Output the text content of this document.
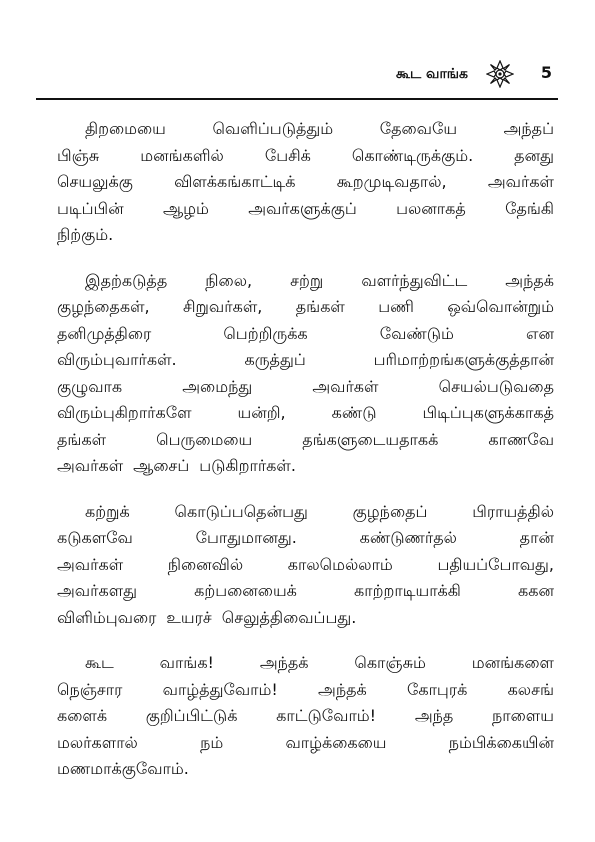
கூட வாங்க	5
திறமையை	வெளிப்படுத்தும்	தேவையே	அந்தப்
பிஞ்சு	மனங்களில்	பேசிக்	கொண்டிருக்கும்.	தனது
செயலுக்கு	விளக்கங்காட்டிக்	கூறமுடிவதால்,	அவர்கள்
படிப்பின் ஆழம் அவர்களுக்குப் பலனாகத் தேங்கி
நிற்கும்.
இதற்கடுத்த நிலை, சற்று வளர்ந்துவிட்ட அந்தக்
குழந்தைகள், சிறுவர்கள், தங்கள் பணி ஒவ்வொன்றும்
தனிமுத்திரை	பெற்றிருக்க	வேண்டும்	என
விரும்புவார்கள்.	கருத்துப்	பரிமாற்றங்களுக்குத்தான்
குழுவாக	அமைந்து	அவர்கள்	செயல்படுவதை
விரும்புகிறார்களே	யன்றி,	கண்டு	பிடிப்புகளுக்காகத்
தங்கள்	பெருமையை	தங்களுடையதாகக்	காணவே
அவர்கள் ஆசைப் படுகிறார்கள்.
கற்றுக்	கொடுப்பதென்பது	குழந்தைப்	பிராயத்தில்
கடுகளவே	போதுமானது.	கண்டுணர்தல்	தான்
அவர்கள்	நினைவில்	காலமெல்லாம்	பதியப்போவது,
அவர்களது	கற்பனையைக்	காற்றாடியாக்கி	ககன
விளிம்புவரை உயரச் செலுத்திவைப்பது.
கூட	வாங்க!	அந்தக்	கொஞ்சும்	மனங்களை
நெஞ்சார	வாழ்த்துவோம்!	அந்தக்	கோபுரக்	கலசங்
களைக் குறிப்பிட்டுக் காட்டுவோம்! அந்த நாளைய
மலர்களால்	நம்	வாழ்க்கையை	நம்பிக்கையின்
மணமாக்குவோம்.
